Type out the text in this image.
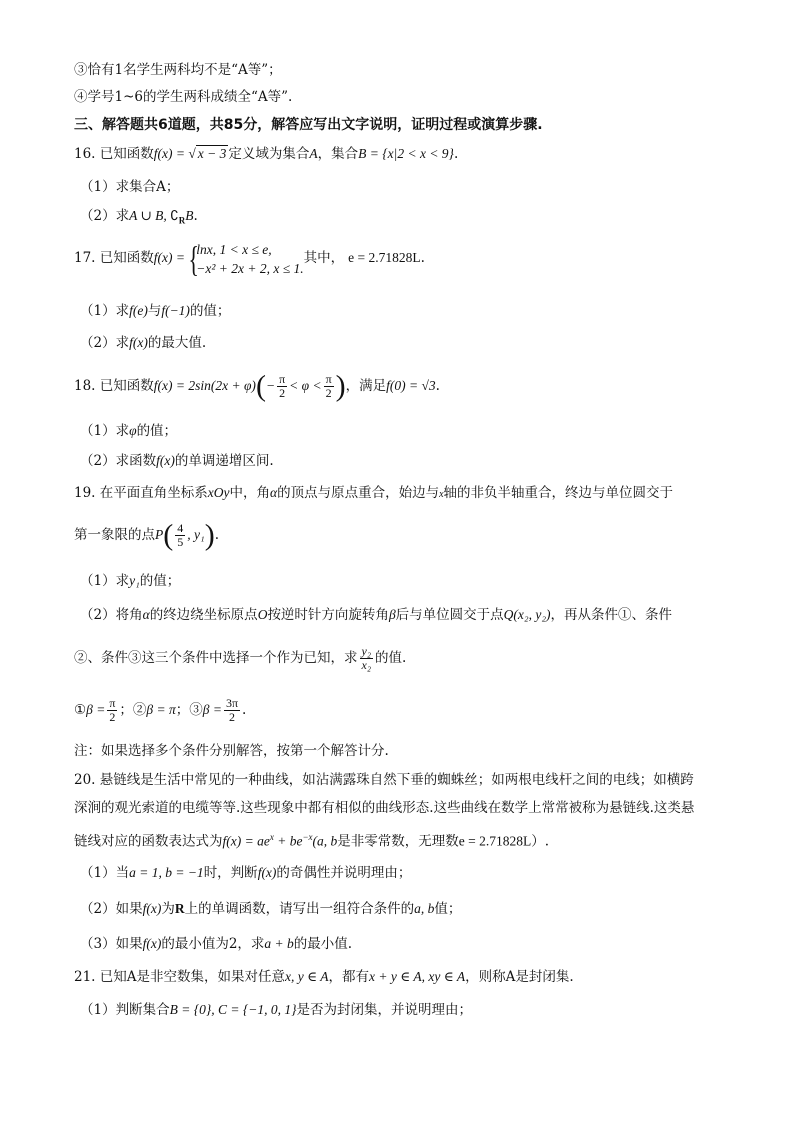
③恰有1名学生两科均不是“A等”；
④学号1~6的学生两科成绩全“A等”.
三、解答题共6道题，共85分，解答应写出文字说明，证明过程或演算步骤.
16. 已知函数f(x) = √ x − 3 定义域为集合A，集合B = {x|2 < x < 9}.
（1）求集合A；
（2）求A ∪ B, $∁_RB$.
17. 已知函数f(x) ={
lnx, 1 < x ≤ e,
−x² + 2x + 2, x ≤ 1.
其中， e = 2.71828L.
（1）求f(e)与f(−1)的值；
（2）求f(x)的最大值.
18. 已知函数$f(x) = 2\sin(2x + \varphi)(- \frac{\pi}{2} < \varphi < \frac{\pi}{2}$ )，满足f(0) = √3.
（1）求φ的值；
（2）求函数f(x)的单调递增区间.
19. 在平面直角坐标系xOy中，角α的顶点与原点重合，始边与x轴的非负半轴重合，终边与单位圆交于
第一象限的点$P( \frac{4}{5}$ , y₁).
（1）求y₁的值；
（2）将角α的终边绕坐标原点O按逆时针方向旋转角β后与单位圆交于点Q(x₂, y₂)，再从条件①、条件
②、条件③这三个条件中选择一个作为已知，求 $\frac{\text{y₂}}{\text{x₂}}$ 的值.
①β = $\frac{\pi}{2}$ ；②β = π；③β = $\frac{3\pi}{2}$ .
注：如果选择多个条件分别解答，按第一个解答计分.
20. 悬链线是生活中常见的一种曲线，如沾满露珠自然下垂的蜘蛛丝；如两根电线杆之间的电线；如横跨
深涧的观光索道的电缆等等.这些现象中都有相似的曲线形态.这些曲线在数学上常常被称为悬链线.这类悬
链线对应的函数表达式为$f(x) = ae^x + be^{-x}(a$, b是非零常数，无理数e = 2.71828L）.
（1）当a = 1, b = −1时，判断f(x)的奇偶性并说明理由；
（2）如果f(x)为R上的单调函数，请写出一组符合条件的a, b值；
（3）如果f(x)的最小值为2，求a + b的最小值.
21. 已知A是非空数集，如果对任意x, y ∈ A，都有x + y ∈ A, xy ∈ A，则称A是封闭集.
（1）判断集合B = {0}, C = {−1, 0, 1}是否为封闭集，并说明理由；
